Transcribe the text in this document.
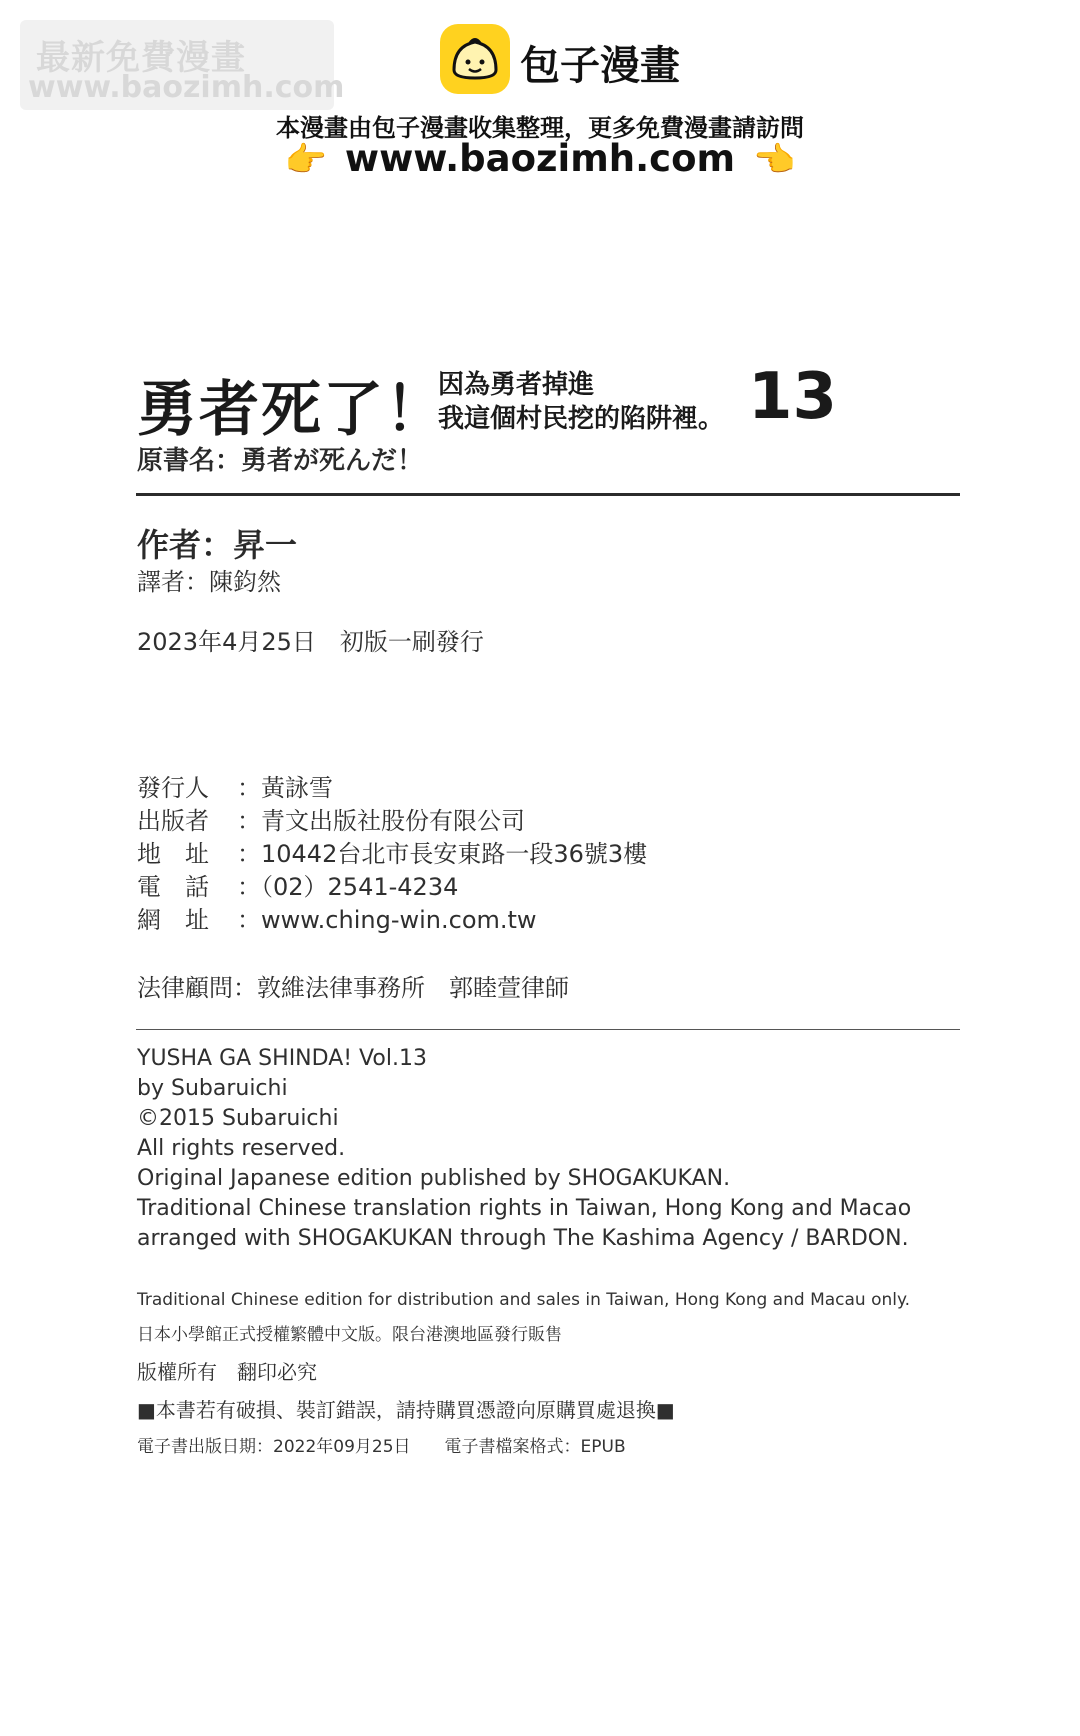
最新免費漫畫
www.baozimh.com	包子漫畫
本漫畫由包子漫畫收集整理，更多免費漫畫請訪問
👉 www.baozimh.com 👈
勇者死了！
因為勇者掉進
我這個村民挖的陷阱裡。 13
原書名：勇者が死んだ！
作者：昇一
譯者：陳鈞然
2023年4月25日　初版一刷發行
發行人 ：黃詠雪
出版者 ：青文出版社股份有限公司
地　址 ：10442台北市長安東路一段36號3樓
電　話 ：（02）2541-4234
網　址 ：www.ching-win.com.tw
法律顧問：敦維法律事務所　郭睦萱律師
YUSHA GA SHINDA! Vol.13
by Subaruichi
©2015 Subaruichi
All rights reserved.
Original Japanese edition published by SHOGAKUKAN.
Traditional Chinese translation rights in Taiwan, Hong Kong and Macao
arranged with SHOGAKUKAN through The Kashima Agency / BARDON.
Traditional Chinese edition for distribution and sales in Taiwan, Hong Kong and Macau only.
日本小學館正式授權繁體中文版。限台港澳地區發行販售
版權所有　翻印必究
■本書若有破損、裝訂錯誤，請持購買憑證向原購買處退換■
電子書出版日期：2022年09月25日　　電子書檔案格式：EPUB
